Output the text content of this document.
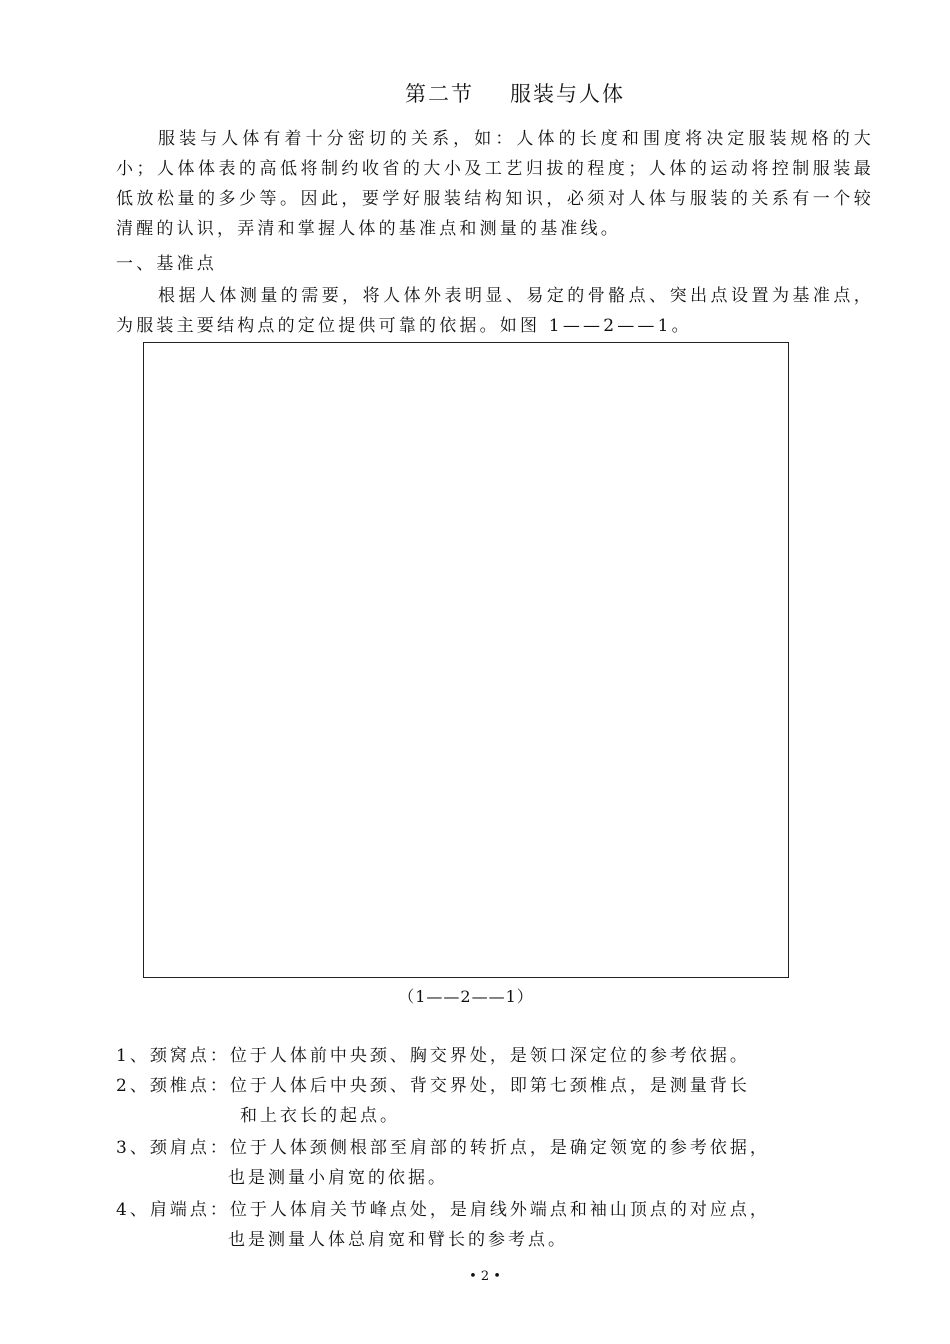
第二节 服装与人体

服装与人体有着十分密切的关系，如：人体的长度和围度将决定服装规格的大小；人体体表的高低将制约收省的大小及工艺归拔的程度；人体的运动将控制服装最低放松量的多少等。因此，要学好服装结构知识，必须对人体与服装的关系有一个较清醒的认识，弄清和掌握人体的基准点和测量的基准线。

一、基准点

根据人体测量的需要，将人体外表明显、易定的骨骼点、突出点设置为基准点，为服装主要结构点的定位提供可靠的依据。如图 1——2——1。

（1——2——1）
1、颈窝点：位于人体前中央颈、胸交界处，是领口深定位的参考依据。
2、颈椎点：位于人体后中央颈、背交界处，即第七颈椎点，是测量背长
和上衣长的起点。
3、颈肩点：位于人体颈侧根部至肩部的转折点，是确定领宽的参考依据，
也是测量小肩宽的依据。
4、肩端点：位于人体肩关节峰点处，是肩线外端点和袖山顶点的对应点，
也是测量人体总肩宽和臂长的参考点。
• 2 •
